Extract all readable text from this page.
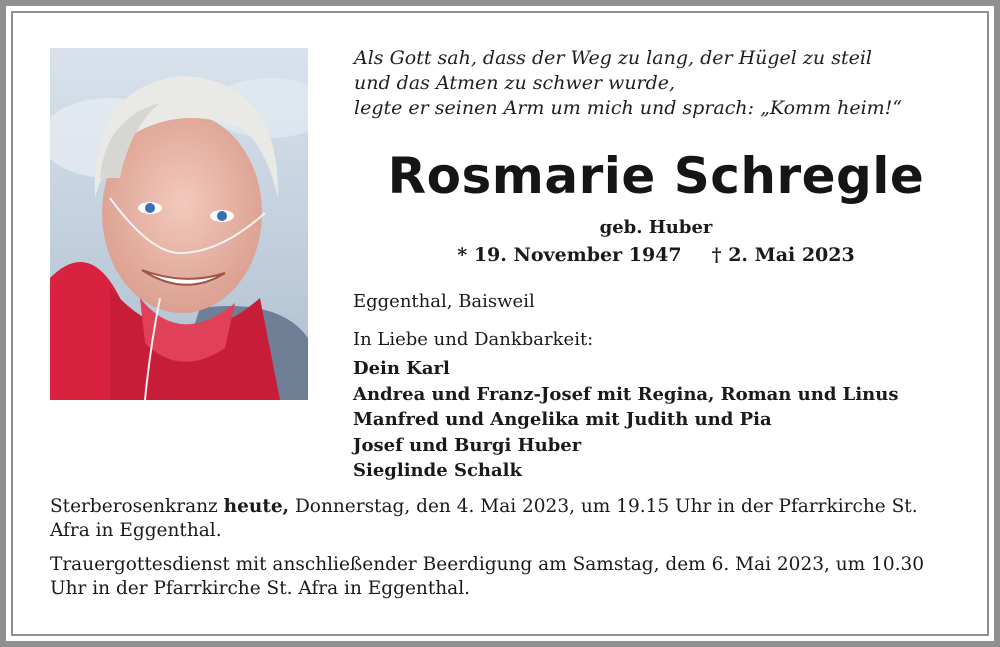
Als Gott sah, dass der Weg zu lang, der Hügel zu steil
und das Atmen zu schwer wurde,
legte er seinen Arm um mich und sprach: „Komm heim!“
Rosmarie Schregle
geb. Huber
* 19. November 1947 † 2. Mai 2023
Eggenthal, Baisweil
In Liebe und Dankbarkeit:
Dein Karl
Andrea und Franz-Josef mit Regina, Roman und Linus
Manfred und Angelika mit Judith und Pia
Josef und Burgi Huber
Sieglinde Schalk
Sterberosenkranz heute, Donnerstag, den 4. Mai 2023, um 19.15 Uhr in der Pfarrkirche St. Afra in Eggenthal.
Trauergottesdienst mit anschließender Beerdigung am Samstag, dem 6. Mai 2023, um 10.30 Uhr in der Pfarrkirche St. Afra in Eggenthal.
